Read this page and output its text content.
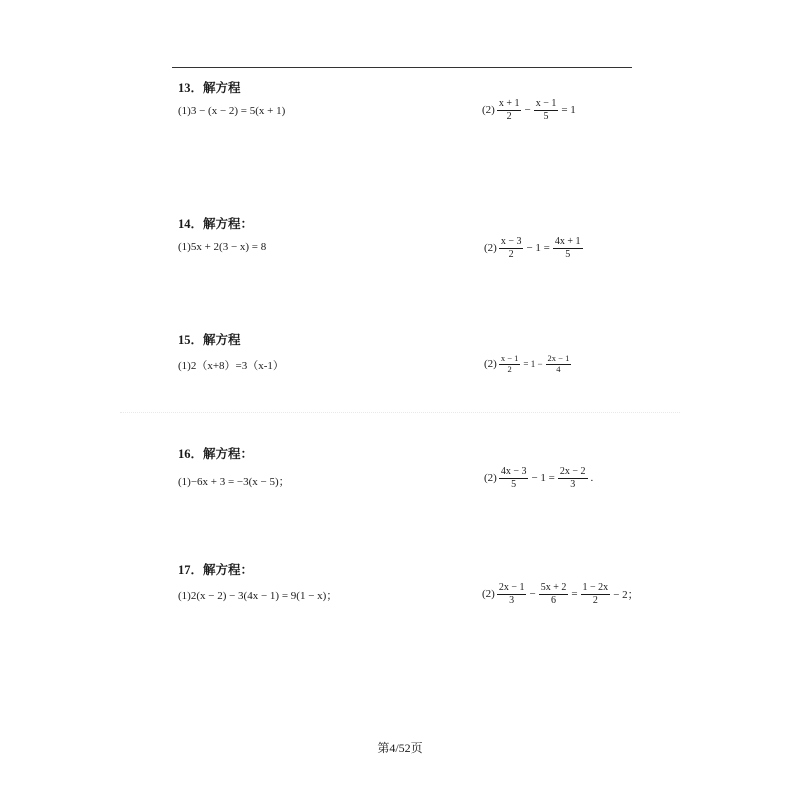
13．解方程
(1)3 − (x − 2) = 5(x + 1)	$(2) \frac{x + 1}{2} - \frac{x - 1}{5} = 1$
14．解方程：
(1)5x + 2(3 − x) = 8	$(2) \frac{x - 3}{2} - 1 = \frac{4x + 1}{5}$
15．解方程
(1)2（x+8）=3（x-1）	$(2) \frac{x - 1}{2} = 1 - \frac{2x - 1}{4}$
16．解方程：
(1)−6x + 3 = −3(x − 5)；	$(2) \frac{4x - 3}{5} - 1 = \frac{2x - 2}{3}$ .
17．解方程：
(1)2(x − 2) − 3(4x − 1) = 9(1 − x)；	$(2) \frac{2x - 1}{3} - \frac{5x + 2}{6} = \frac{1 - 2x}{2} - 2$；
第4/52页
